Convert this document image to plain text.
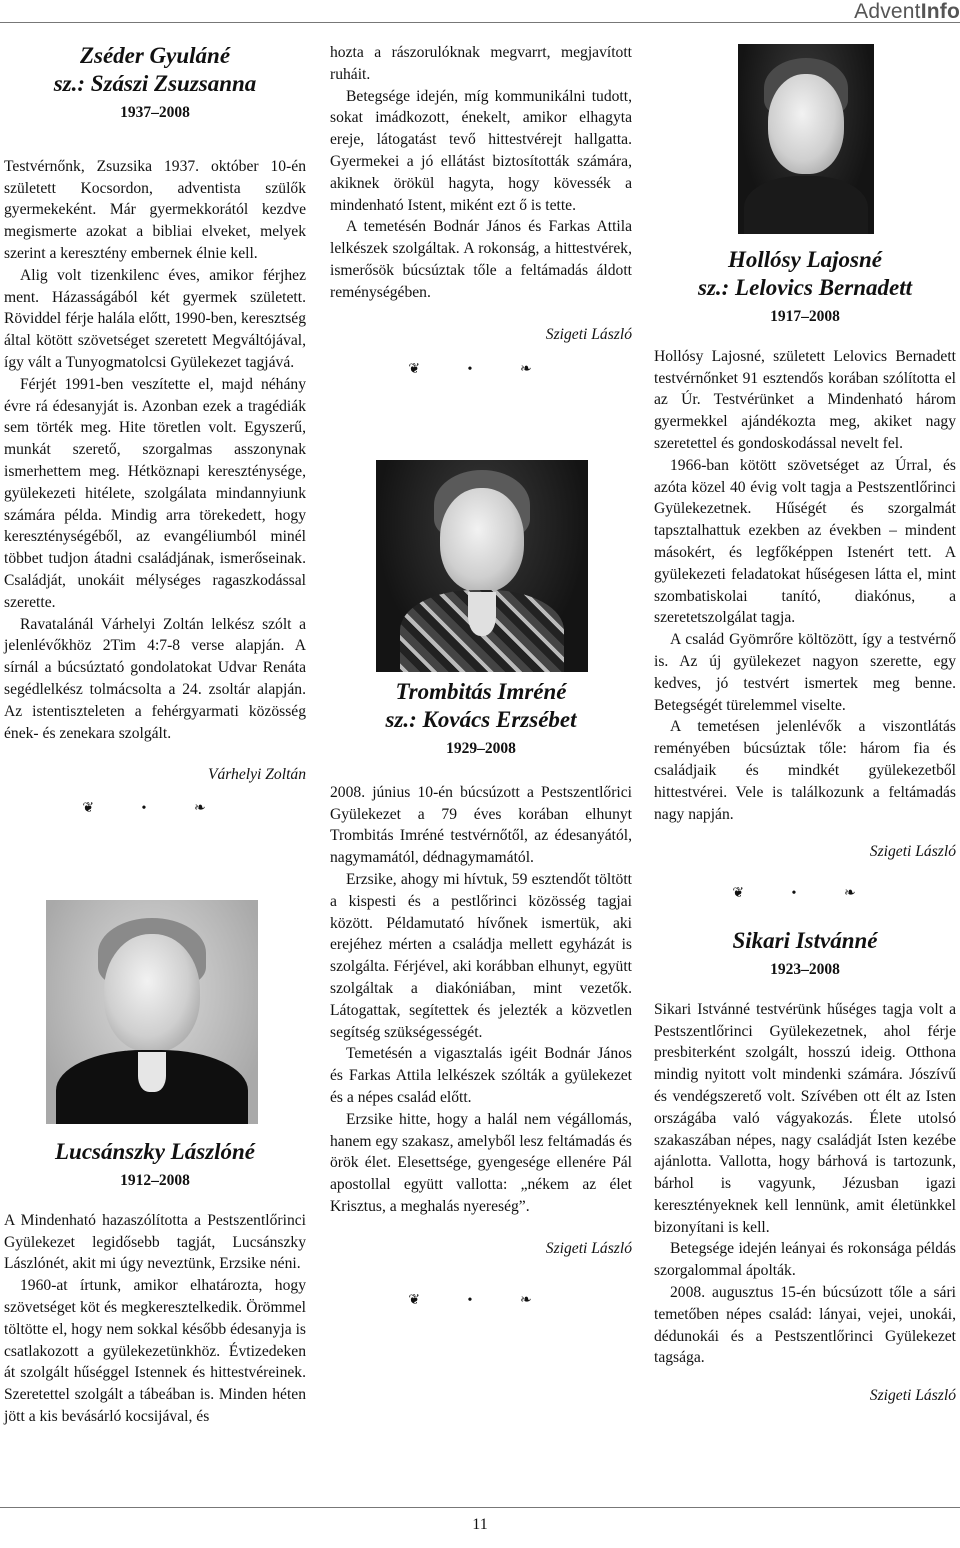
AdventInfo
Zséder Gyuláné
sz.: Szászi Zsuzsanna
1937–2008

Testvérnőnk, Zsuzsika 1937. október 10-én született Kocsordon, adventista szülők gyermekeként. Már gyermekkorától kezdve megismerte azokat a bibliai elveket, melyek szerint a keresztény embernek élnie kell.

Alig volt tizenkilenc éves, amikor férjhez ment. Házasságából két gyermek született. Röviddel férje halála előtt, 1990-ben, keresztség által kötött szövetséget szeretett Megváltójával, így vált a Tunyogmatolcsi Gyülekezet tagjává.

Férjét 1991-ben veszítette el, majd néhány évre rá édesanyját is. Azonban ezek a tragédiák sem törték meg. Hite töretlen volt. Egyszerű, munkát szerető, szorgalmas asszonynak ismerhettem meg. Hétköznapi kereszténysége, gyülekezeti hitélete, szolgálata mindannyiunk számára példa. Mindig arra törekedett, hogy kereszténységéből, az evangéliumból minél többet tudjon átadni családjának, ismerőseinak. Családját, unokáit mélységes ragaszkodással szerette.

Ravatalánál Várhelyi Zoltán lelkész szólt a jelenlévőkhöz 2Tim 4:7-8 verse alapján. A sírnál a búcsúztató gondolatokat Udvar Renáta segédlelkész tolmácsolta a 24. zsoltár alapján. Az istentiszteleten a fehérgyarmati közösség ének- és zenekara szolgált.

Várhelyi Zoltán
❦ • ❧
Lucsánszky Lászlóné
1912–2008

A Mindenható hazaszólította a Pestszentlőrinci Gyülekezet legidősebb tagját, Lucsánszky Lászlónét, akit mi úgy neveztünk, Erzsike néni.

1960-at írtunk, amikor elhatározta, hogy szövetséget köt és megkeresztelkedik. Örömmel töltötte el, hogy nem sokkal később édesanyja is csatlakozott a gyülekezetünkhöz. Évtizedeken át szolgált hűséggel Istennek és hittestvéreinek. Szeretettel szolgált a tábeában is. Minden héten jött a kis bevásárló kocsijával, és

hozta a rászorulóknak megvarrt, megjavított ruháit.

Betegsége idején, míg kommunikálni tudott, sokat imádkozott, énekelt, amikor elhagyta ereje, látogatást tevő hittestvérejt hallgatta. Gyermekei a jó ellátást biztosították számára, akiknek örökül hagyta, hogy kövessék a mindenható Istent, miként ezt ő is tette.

A temetésén Bodnár János és Farkas Attila lelkészek szolgáltak. A rokonság, a hittestvérek, ismerősök búcsúztak tőle a feltámadás áldott reménységében.

Szigeti László
❦ • ❧
Trombitás Imréné
sz.: Kovács Erzsébet
1929–2008

2008. június 10-én búcsúzott a Pestszentlőrici Gyülekezet a 79 éves korában elhunyt Trombitás Imréné testvérnőtől, az édesanyától, nagymamától, dédnagymamától.

Erzsike, ahogy mi hívtuk, 59 esztendőt töltött a kispesti és a pestlőrinci közösség tagjai között. Példamutató hívőnek ismertük, aki erejéhez mérten a családja mellett egyházát is szolgálta. Férjével, aki korábban elhunyt, együtt szolgáltak a diakóniában, mint vezetők. Látogattak, segítettek és jelezték a közvetlen segítség szükségességét.

Temetésén a vigasztalás igéit Bodnár János és Farkas Attila lelkészek szólták a gyülekezet és a népes család előtt.

Erzsike hitte, hogy a halál nem végállomás, hanem egy szakasz, amelyből lesz feltámadás és örök élet. Elesettsége, gyengesége ellenére Pál apostollal együtt vallotta: „nékem az élet Krisztus, a meghalás nyereség”.

Szigeti László
❦ • ❧
Hollósy Lajosné
sz.: Lelovics Bernadett
1917–2008

Hollósy Lajosné, született Lelovics Bernadett testvérnőnket 91 esztendős korában szólította el az Úr. Testvérünket a Mindenható három gyermekkel ajándékozta meg, akiket nagy szeretettel és gondoskodással nevelt fel.

1966-ban kötött szövetséget az Úrral, és azóta közel 40 évig volt tagja a Pestszentlőrinci Gyülekezetnek. Hűségét és szorgalmát tapsztalhattuk ezekben az években – mindent másokért, és legfőképpen Istenért tett. A gyülekezeti feladatokat hűségesen látta el, mint szombatiskolai tanító, diakónus, a szeretetszolgálat tagja.

A család Gyömrőre költözött, így a testvérnő is. Az új gyülekezet nagyon szerette, egy kedves, jó testvért ismertek meg benne. Betegségét türelemmel viselte.

A temetésen jelenlévők a viszontlátás reményében búcsúztak tőle: három fia és családjaik és mindkét gyülekezetből hittestvérei. Vele is találkozunk a feltámadás nagy napján.

Szigeti László
❦ • ❧
Sikari Istvánné
1923–2008

Sikari Istvánné testvérünk hűséges tagja volt a Pestszentlőrinci Gyülekezetnek, ahol férje presbiterként szolgált, hosszú ideig. Otthona mindig nyitott volt mindenki számára. Jószívű és vendégszerető volt. Szívében ott élt az Isten országába való vágyakozás. Élete utolsó szakaszában népes, nagy családját Isten kezébe ajánlotta. Vallotta, hogy bárhová is tartozunk, bárhol is vagyunk, Jézusban igazi keresztényeknek kell lennünk, amit életünkkel bizonyítani is kell.

Betegsége idején leányai és rokonsága példás szorgalommal ápolták.

2008. augusztus 15-én búcsúzott tőle a sári temetőben népes család: lányai, vejei, unokái, dédunokái és a Pestszentlőrinci Gyülekezet tagsága.

Szigeti László
11
